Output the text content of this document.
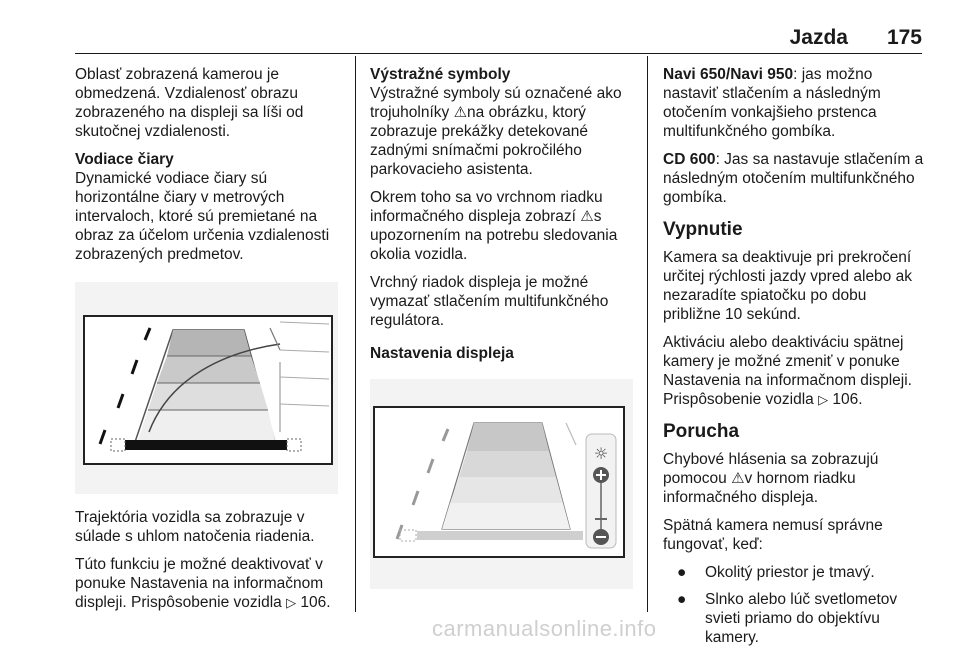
Jazda 175

Oblasť zobrazená kamerou je obmedzená. Vzdialenosť obrazu zobrazeného na displeji sa líši od skutočnej vzdialenosti.

Vodiace čiary

Dynamické vodiace čiary sú horizontálne čiary v metrových intervaloch, ktoré sú premietané na obraz za účelom určenia vzdialenosti zobrazených predmetov.

Trajektória vozidla sa zobrazuje v súlade s uhlom natočenia riadenia.

Túto funkciu je možné deaktivovať v ponuke Nastavenia na informačnom displeji. Prispôsobenie vozidla ▷ 106.

Výstražné symboly

Výstražné symboly sú označené ako trojuholníky ⚠na obrázku, ktorý zobrazuje prekážky detekované zadnými snímačmi pokročilého parkovacieho asistenta.

Okrem toho sa vo vrchnom riadku informačného displeja zobrazí ⚠s upozornením na potrebu sledovania okolia vozidla.

Vrchný riadok displeja je možné vymazať stlačením multifunkčného regulátora.

Nastavenia displeja
☼

Navi 650/Navi 950: jas možno nastaviť stlačením a následným otočením vonkajšieho prstenca multifunkčného gombíka.

CD 600: Jas sa nastavuje stlačením a následným otočením multifunkčného gombíka.

Vypnutie

Kamera sa deaktivuje pri prekročení určitej rýchlosti jazdy vpred alebo ak nezaradíte spiatočku po dobu približne 10 sekúnd.

Aktiváciu alebo deaktiváciu spätnej kamery je možné zmeniť v ponuke Nastavenia na informačnom displeji. Prispôsobenie vozidla ▷ 106.

Porucha

Chybové hlásenia sa zobrazujú pomocou ⚠v hornom riadku informačného displeja.

Spätná kamera nemusí správne fungovať, keď:

● Okolitý priestor je tmavý.
● Slnko alebo lúč svetlometov svieti priamo do objektívu kamery.
carmanualsonline.info
